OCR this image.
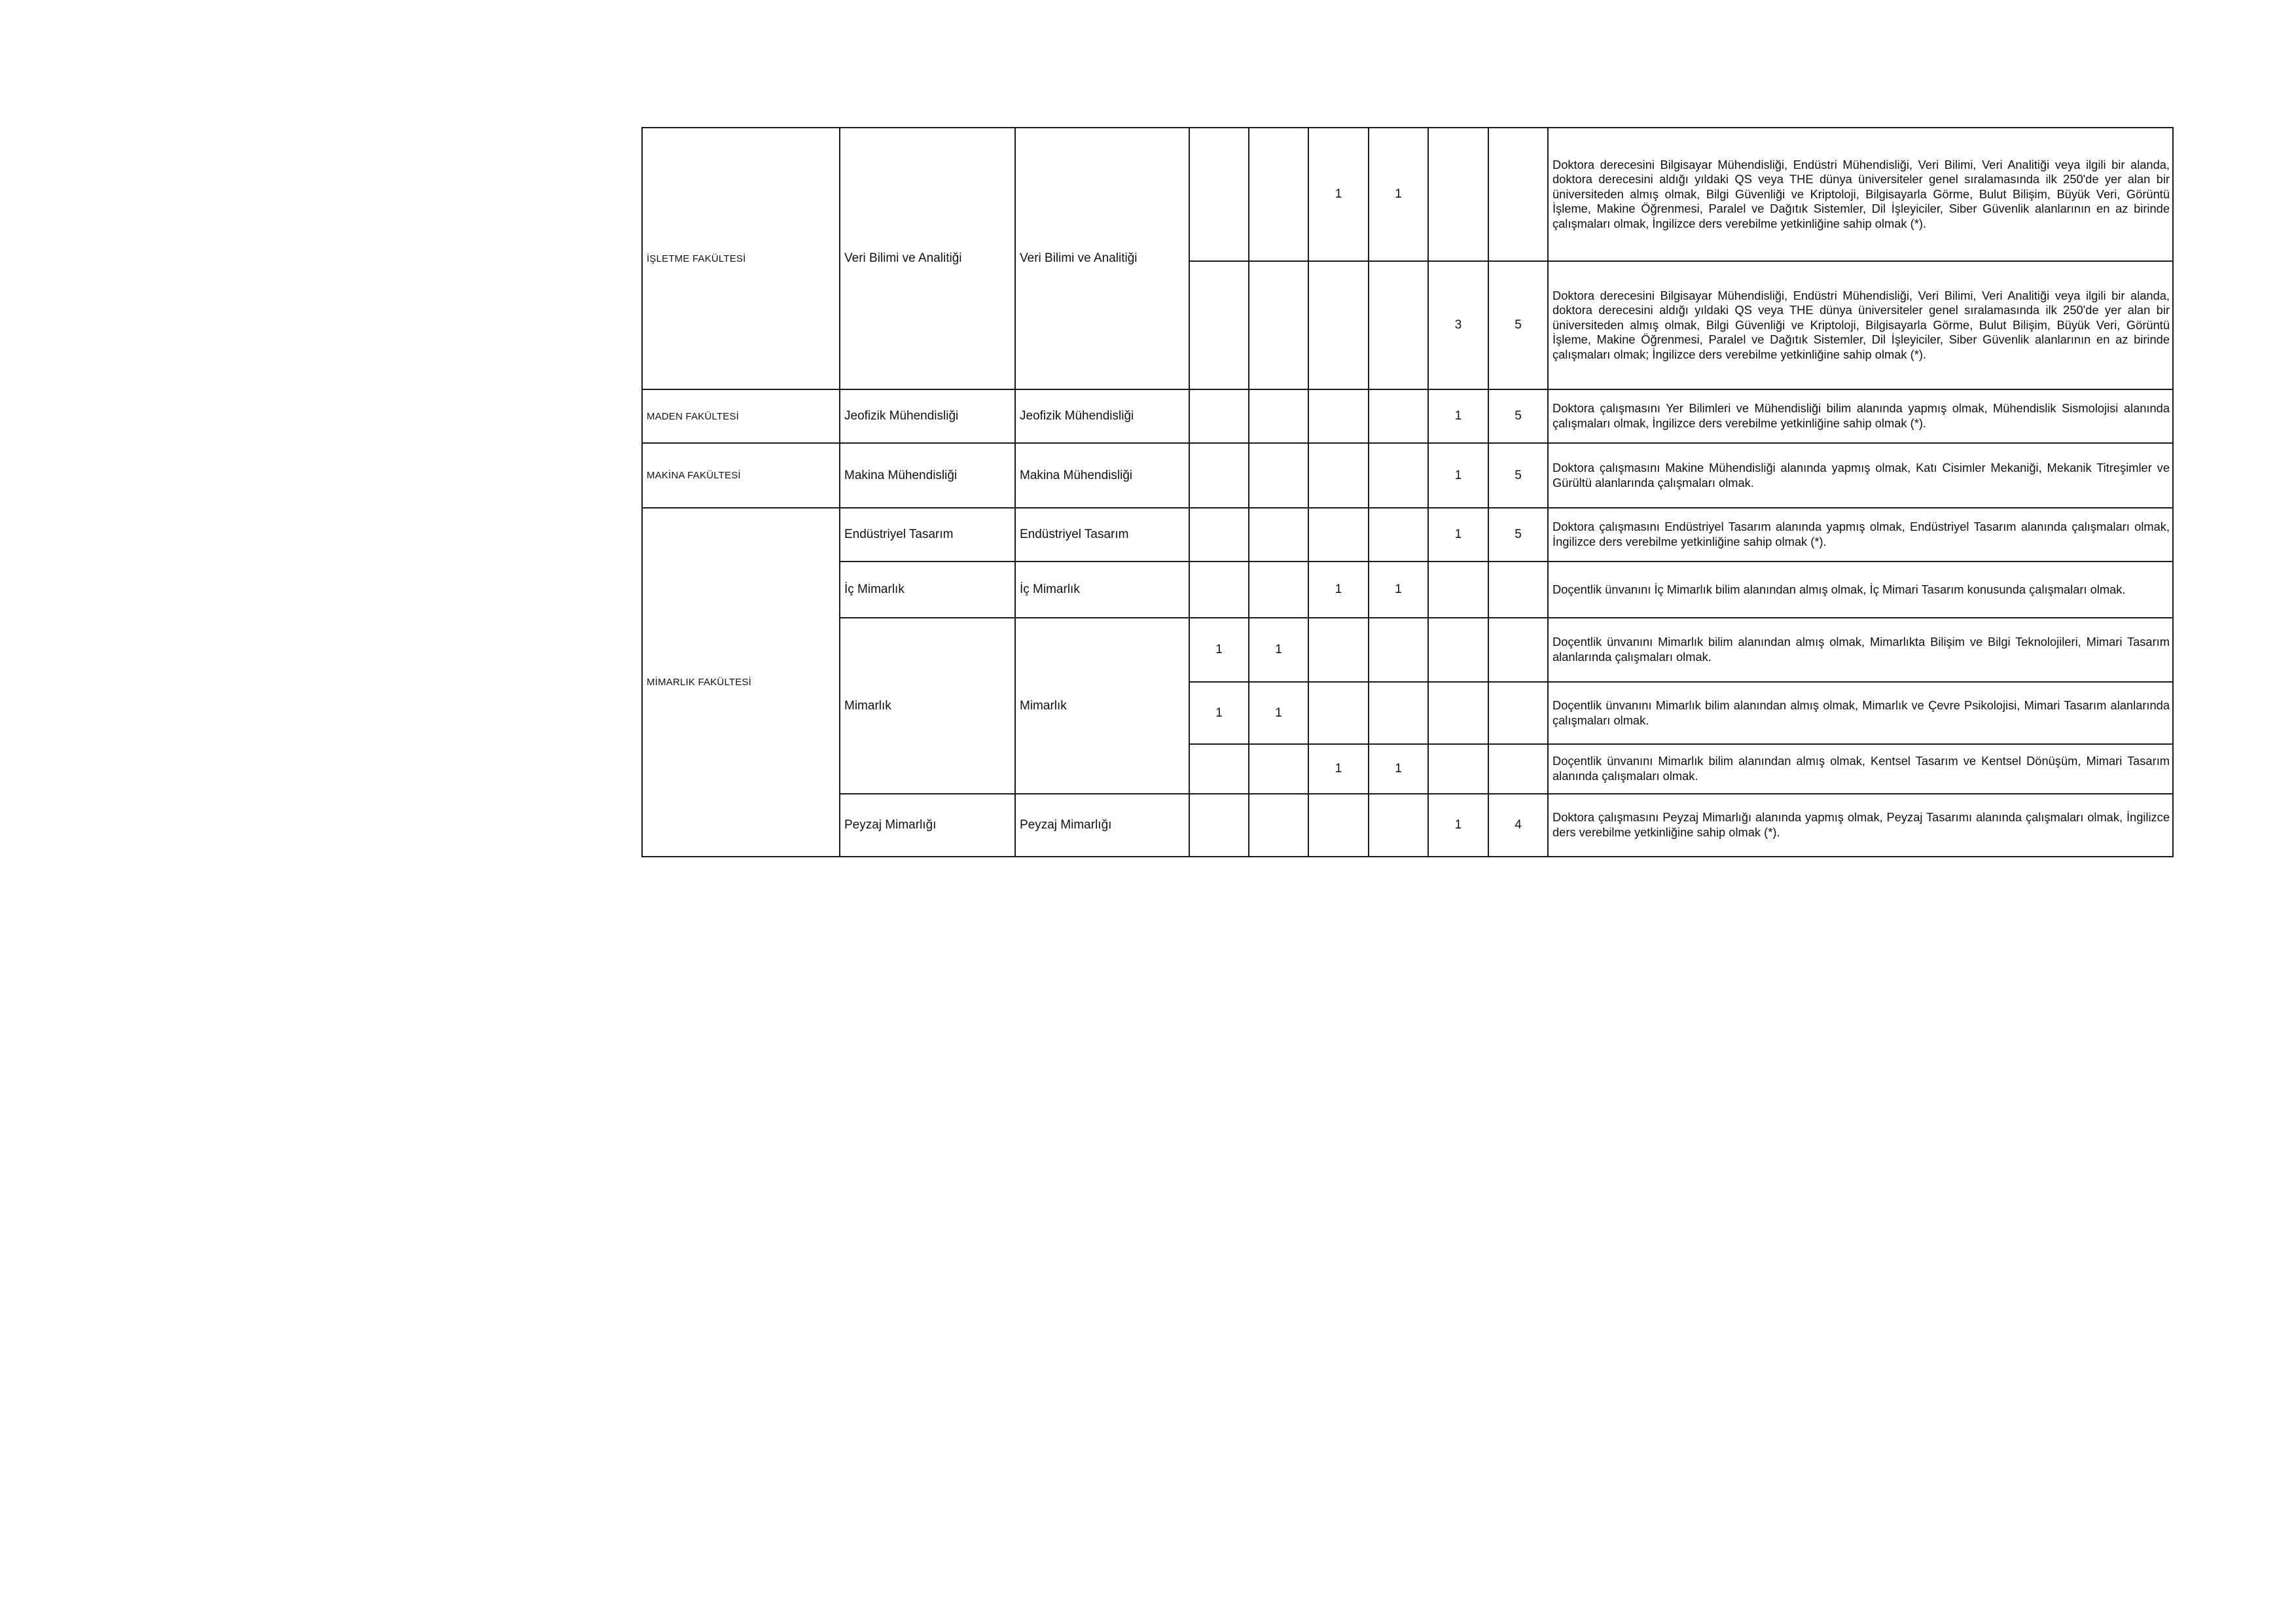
İŞLETME FAKÜLTESİ	Veri Bilimi ve Analitiği	Veri Bilimi ve Analitiği			1	1			Doktora derecesini Bilgisayar Mühendisliği, Endüstri Mühendisliği, Veri Bilimi, Veri Analitiği veya ilgili bir alanda, doktora derecesini aldığı yıldaki QS veya THE dünya üniversiteler genel sıralamasında ilk 250'de yer alan bir üniversiteden almış olmak, Bilgi Güvenliği ve Kriptoloji, Bilgisayarla Görme, Bulut Bilişim, Büyük Veri, Görüntü İşleme, Makine Öğrenmesi, Paralel ve Dağıtık Sistemler, Dil İşleyiciler, Siber Güvenlik alanlarının en az birinde çalışmaları olmak, İngilizce ders verebilme yetkinliğine sahip olmak (*).
							3	5	Doktora derecesini Bilgisayar Mühendisliği, Endüstri Mühendisliği, Veri Bilimi, Veri Analitiği veya ilgili bir alanda, doktora derecesini aldığı yıldaki QS veya THE dünya üniversiteler genel sıralamasında ilk 250'de yer alan bir üniversiteden almış olmak, Bilgi Güvenliği ve Kriptoloji, Bilgisayarla Görme, Bulut Bilişim, Büyük Veri, Görüntü İşleme, Makine Öğrenmesi, Paralel ve Dağıtık Sistemler, Dil İşleyiciler, Siber Güvenlik alanlarının en az birinde çalışmaları olmak; İngilizce ders verebilme yetkinliğine sahip olmak (*).
MADEN FAKÜLTESİ	Jeofizik Mühendisliği	Jeofizik Mühendisliği					1	5	Doktora çalışmasını Yer Bilimleri ve Mühendisliği bilim alanında yapmış olmak, Mühendislik Sismolojisi alanında çalışmaları olmak, İngilizce ders verebilme yetkinliğine sahip olmak (*).
MAKİNA FAKÜLTESİ	Makina Mühendisliği	Makina Mühendisliği					1	5	Doktora çalışmasını Makine Mühendisliği alanında yapmış olmak, Katı Cisimler Mekaniği, Mekanik Titreşimler ve Gürültü alanlarında çalışmaları olmak.
MİMARLIK FAKÜLTESİ	Endüstriyel Tasarım	Endüstriyel Tasarım					1	5	Doktora çalışmasını Endüstriyel Tasarım alanında yapmış olmak, Endüstriyel Tasarım alanında çalışmaları olmak, İngilizce ders verebilme yetkinliğine sahip olmak (*).
	İç Mimarlık	İç Mimarlık			1	1			Doçentlik ünvanını İç Mimarlık bilim alanından almış olmak, İç Mimari Tasarım konusunda çalışmaları olmak.
	Mimarlık	Mimarlık	1	1					Doçentlik ünvanını Mimarlık bilim alanından almış olmak, Mimarlıkta Bilişim ve Bilgi Teknolojileri, Mimari Tasarım alanlarında çalışmaları olmak.
			1	1					Doçentlik ünvanını Mimarlık bilim alanından almış olmak, Mimarlık ve Çevre Psikolojisi, Mimari Tasarım alanlarında çalışmaları olmak.
					1	1			Doçentlik ünvanını Mimarlık bilim alanından almış olmak, Kentsel Tasarım ve Kentsel Dönüşüm, Mimari Tasarım alanında çalışmaları olmak.
	Peyzaj Mimarlığı	Peyzaj Mimarlığı					1	4	Doktora çalışmasını Peyzaj Mimarlığı alanında yapmış olmak, Peyzaj Tasarımı alanında çalışmaları olmak, İngilizce ders verebilme yetkinliğine sahip olmak (*).
